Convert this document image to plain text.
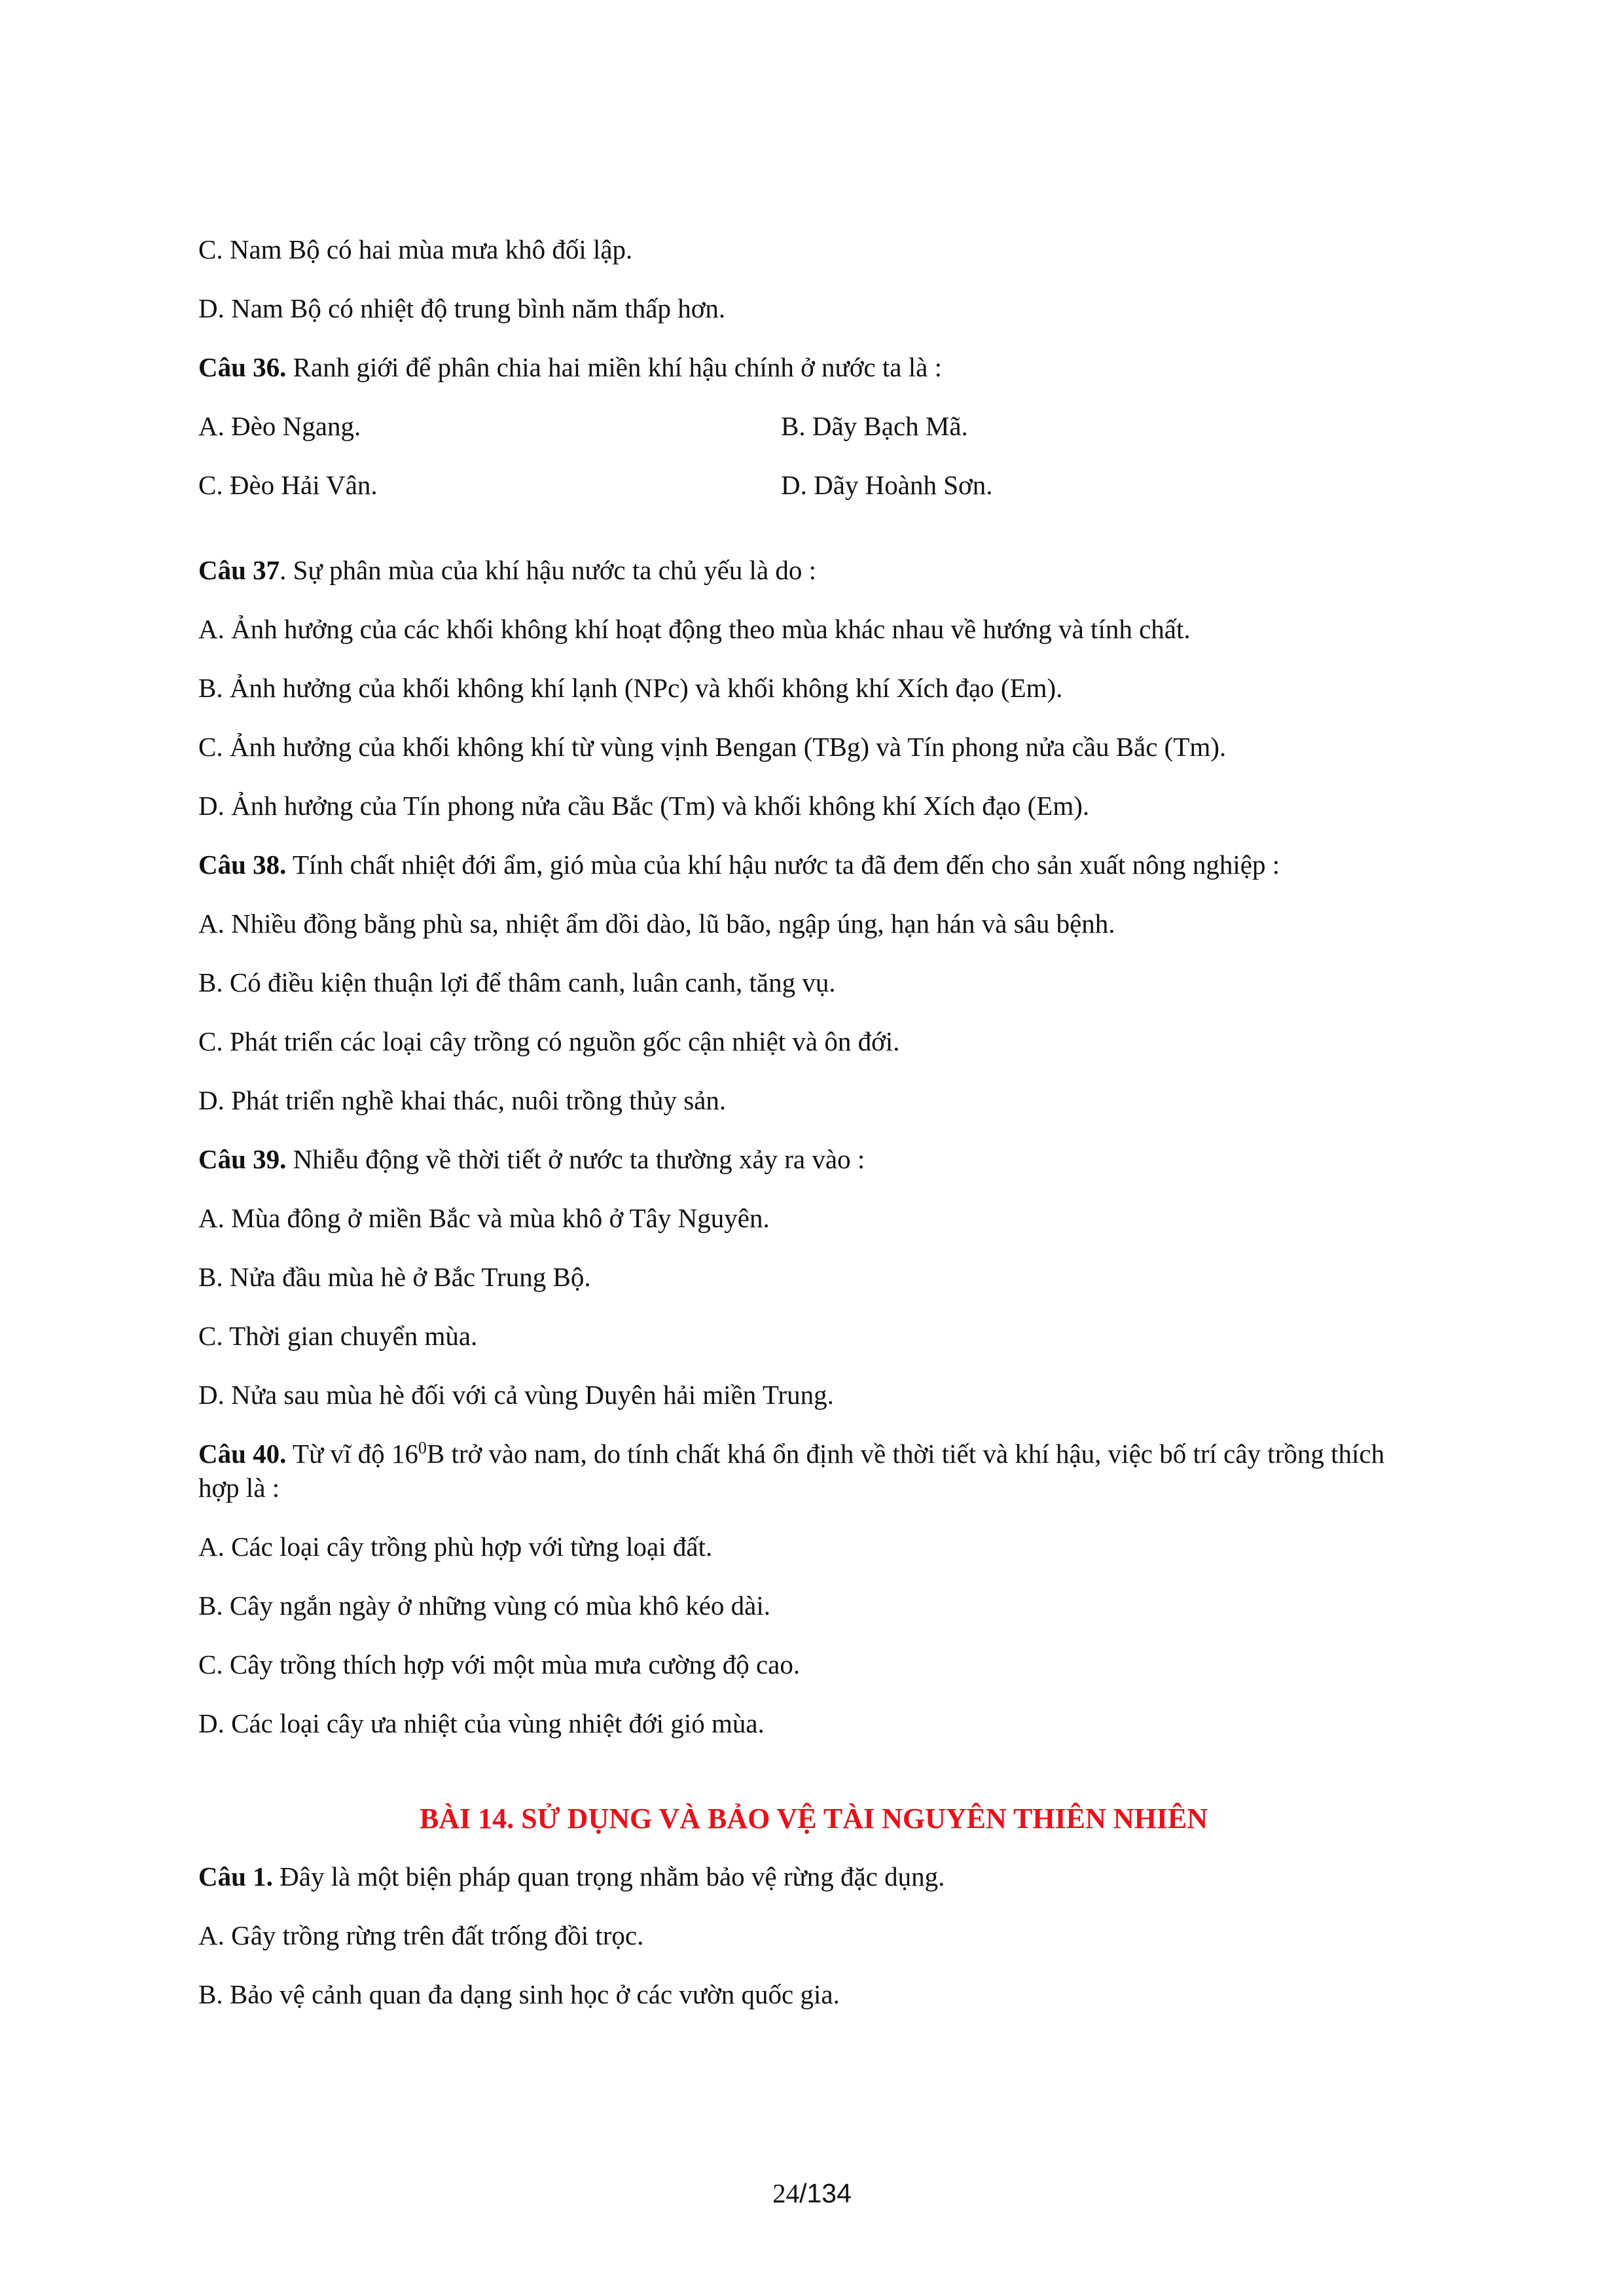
C. Nam Bộ có hai mùa mưa khô đối lập.
D. Nam Bộ có nhiệt độ trung bình năm thấp hơn.
Câu 36. Ranh giới để phân chia hai miền khí hậu chính ở nước ta là :
A. Đèo Ngang.	B. Dãy Bạch Mã.
C. Đèo Hải Vân.	D. Dãy Hoành Sơn.
Câu 37. Sự phân mùa của khí hậu nước ta chủ yếu là do :
A. Ảnh hưởng của các khối không khí hoạt động theo mùa khác nhau về hướng và tính chất.
B. Ảnh hưởng của khối không khí lạnh (NPc) và khối không khí Xích đạo (Em).
C. Ảnh hưởng của khối không khí từ vùng vịnh Bengan (TBg) và Tín phong nửa cầu Bắc (Tm).
D. Ảnh hưởng của Tín phong nửa cầu Bắc (Tm) và khối không khí Xích đạo (Em).
Câu 38. Tính chất nhiệt đới ẩm, gió mùa của khí hậu nước ta đã đem đến cho sản xuất nông nghiệp :
A. Nhiều đồng bằng phù sa, nhiệt ẩm dồi dào, lũ bão, ngập úng, hạn hán và sâu bệnh.
B. Có điều kiện thuận lợi để thâm canh, luân canh, tăng vụ.
C. Phát triển các loại cây trồng có nguồn gốc cận nhiệt và ôn đới.
D. Phát triển nghề khai thác, nuôi trồng thủy sản.
Câu 39. Nhiễu động về thời tiết ở nước ta thường xảy ra vào :
A. Mùa đông ở miền Bắc và mùa khô ở Tây Nguyên.
B. Nửa đầu mùa hè ở Bắc Trung Bộ.
C. Thời gian chuyển mùa.
D. Nửa sau mùa hè đối với cả vùng Duyên hải miền Trung.
Câu 40. Từ vĩ độ $16^0B$ trở vào nam, do tính chất khá ổn định về thời tiết và khí hậu, việc bố trí cây trồng thích hợp là :
A. Các loại cây trồng phù hợp với từng loại đất.
B. Cây ngắn ngày ở những vùng có mùa khô kéo dài.
C. Cây trồng thích hợp với một mùa mưa cường độ cao.
D. Các loại cây ưa nhiệt của vùng nhiệt đới gió mùa.
BÀI 14. SỬ DỤNG VÀ BẢO VỆ TÀI NGUYÊN THIÊN NHIÊN
Câu 1. Đây là một biện pháp quan trọng nhằm bảo vệ rừng đặc dụng.
A. Gây trồng rừng trên đất trống đồi trọc.
B. Bảo vệ cảnh quan đa dạng sinh học ở các vườn quốc gia.
24/134
